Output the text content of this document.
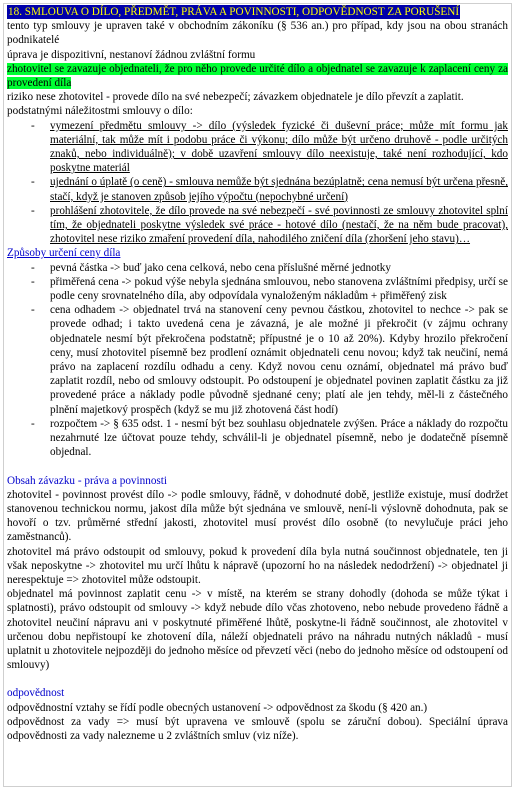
18. SMLOUVA O DÍLO, PŘEDMĚT, PRÁVA A POVINNOSTI, ODPOVĚDNOST ZA PORUŠENÍ

tento typ smlouvy je upraven také v obchodním zákoníku (§ 536 an.) pro případ, kdy jsou na obou stranách podnikatelé

úprava je dispozitivní, nestanoví žádnou zvláštní formu

zhotovitel se zavazuje objednateli, že pro něho provede určité dílo a objednatel se zavazuje k zaplacení ceny za provedení díla

riziko nese zhotovitel - provede dílo na své nebezpečí; závazkem objednatele je dílo převzít a zaplatit.

podstatnými náležitostmi smlouvy o dílo:

- vymezení předmětu smlouvy -> dílo (výsledek fyzické či duševní práce; může mít formu jak materiální, tak může mít i podobu práce či výkonu; dílo může být určeno druhově - podle určitých znaků, nebo individuálně); v době uzavření smlouvy dílo neexistuje, také není rozhodující, kdo poskytne materiál
- ujednání o úplatě (o ceně) - smlouva nemůže být sjednána bezúplatně; cena nemusí být určena přesně, stačí, když je stanoven způsob jejího výpočtu (nepochybné určení)
- prohlášení zhotovitele, že dílo provede na své nebezpečí - své povinnosti ze smlouvy zhotovitel splní tím, že objednateli poskytne výsledek své práce - hotové dílo (nestačí, že na něm bude pracovat), zhotovitel nese riziko zmaření provedení díla, nahodilého zničení díla (zhoršení jeho stavu)…

Způsoby určení ceny díla

- pevná částka -> buď jako cena celková, nebo cena příslušné měrné jednotky
- přiměřená cena -> pokud výše nebyla sjednána smlouvou, nebo stanovena zvláštními předpisy, určí se podle ceny srovnatelného díla, aby odpovídala vynaloženým nákladům + přiměřený zisk
- cena odhadem -> objednatel trvá na stanovení ceny pevnou částkou, zhotovitel to nechce -> pak se provede odhad; i takto uvedená cena je závazná, je ale možné ji překročit (v zájmu ochrany objednatele nesmí být překročena podstatně; přípustné je o 10 až 20%). Kdyby hrozilo překročení ceny, musí zhotovitel písemně bez prodlení oznámit objednateli cenu novou; když tak neučiní, nemá právo na zaplacení rozdílu odhadu a ceny. Když novou cenu oznámí, objednatel má právo buď zaplatit rozdíl, nebo od smlouvy odstoupit. Po odstoupení je objednatel povinen zaplatit částku za již provedené práce a náklady podle původně sjednané ceny; platí ale jen tehdy, měl-li z částečného plnění majetkový prospěch (když se mu již zhotovená část hodí)
- rozpočtem -> § 635 odst. 1 - nesmí být bez souhlasu objednatele zvýšen. Práce a náklady do rozpočtu nezahrnuté lze účtovat pouze tehdy, schválil-li je objednatel písemně, nebo je dodatečně písemně objednal.

Obsah závazku - práva a povinnosti

zhotovitel - povinnost provést dílo -> podle smlouvy, řádně, v dohodnuté době, jestliže existuje, musí dodržet stanovenou technickou normu, jakost díla může být sjednána ve smlouvě, není-li výslovně dohodnuta, pak se hovoří o tzv. průměrné střední jakosti, zhotovitel musí provést dílo osobně (to nevylučuje práci jeho zaměstnanců).

zhotovitel má právo odstoupit od smlouvy, pokud k provedení díla byla nutná součinnost objednatele, ten ji však neposkytne -> zhotovitel mu určí lhůtu k nápravě (upozorní ho na následek nedodržení) -> objednatel ji nerespektuje => zhotovitel může odstoupit.

objednatel má povinnost zaplatit cenu -> v místě, na kterém se strany dohodly (dohoda se může týkat i splatnosti), právo odstoupit od smlouvy -> když nebude dílo včas zhotoveno, nebo nebude provedeno řádně a zhotovitel neučiní nápravu ani v poskytnuté přiměřené lhůtě, poskytne-li řádně součinnost, ale zhotovitel v určenou dobu nepřistoupí ke zhotovení díla, náleží objednateli právo na náhradu nutných nákladů - musí uplatnit u zhotovitele nejpozději do jednoho měsíce od převzetí věci (nebo do jednoho měsíce od odstoupení od smlouvy)

odpovědnost

odpovědnostní vztahy se řídí podle obecných ustanovení -> odpovědnost za škodu (§ 420 an.)

odpovědnost za vady => musí být upravena ve smlouvě (spolu se záruční dobou). Speciální úprava odpovědnosti za vady nalezneme u 2 zvláštních smluv (viz níže).
